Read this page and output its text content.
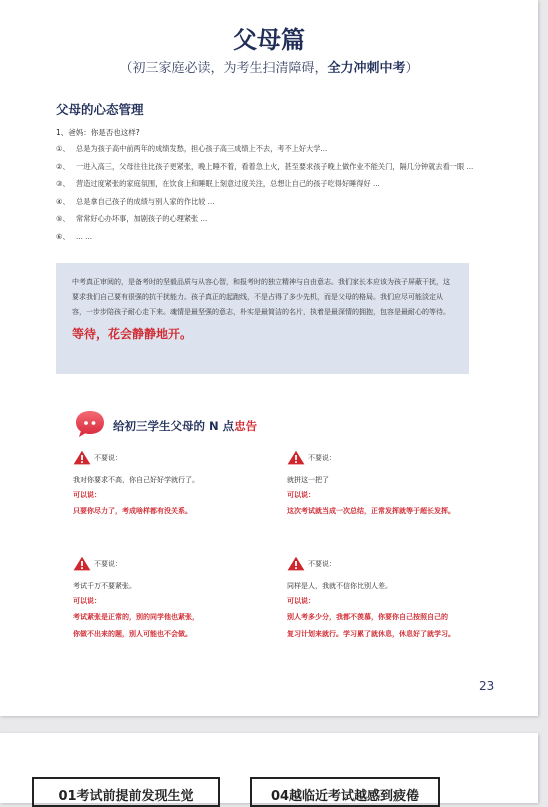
父母篇
（初三家庭必读，为考生扫清障碍，全力冲刺中考）
父母的心态管理
1、爸妈：你是否也这样?
①、 总是为孩子高中前两年的成绩发愁，担心孩子高三成绩上不去，考不上好大学...
②、 一进入高三，父母往往比孩子更紧张，晚上睡不着，看着急上火，甚至要求孩子晚上做作业不能关门，隔几分钟就去看一眼 ...
③、 营造过度紧张的家庭氛围，在饮食上和睡眠上刻意过度关注，总想让自己的孩子吃得好睡得好 ...
④、 总是拿自己孩子的成绩与别人家的作比较 ...
⑤、 常常好心办坏事，加剧孩子的心理紧张 ...
⑥、 ... ...
中考真正审阅的，是备考时的坚毅品质与从容心智，和报考时的独立精神与自由意志。我们家长本应该为孩子屏蔽干扰，这要求我们自己要有很强的抗干扰能力。孩子真正的起跑线，不是占得了多少先机，而是父母的格局。我们应尽可能淡定从容，一步步陪孩子耐心走下来。魂情是最坚强的意志，朴实是最简洁的名片，执着是最深情的拥抱，包容是最耐心的等待。
等待，花会静静地开。
给初三学生父母的 N 点忠告
不要说：
我对你要求不高，你自己好好学就行了。
可以说：
只要你尽力了，考成啥样都有没关系。
不要说：
就拼这一把了
可以说：
这次考试就当成一次总结，正常发挥就等于超长发挥。
不要说：
考试千万不要紧张。
可以说：
考试紧张是正常的，别的同学他也紧张，
你做不出来的题，别人可能也不会做。
不要说：
同样是人，我就不信你比别人差。
可以说：
别人考多少分，我都不羡慕，你要你自己按照自己的
复习计划来就行。学习累了就休息，休息好了就学习。
23
01考试前提前发现生觉	04越临近考试越感到疲倦
